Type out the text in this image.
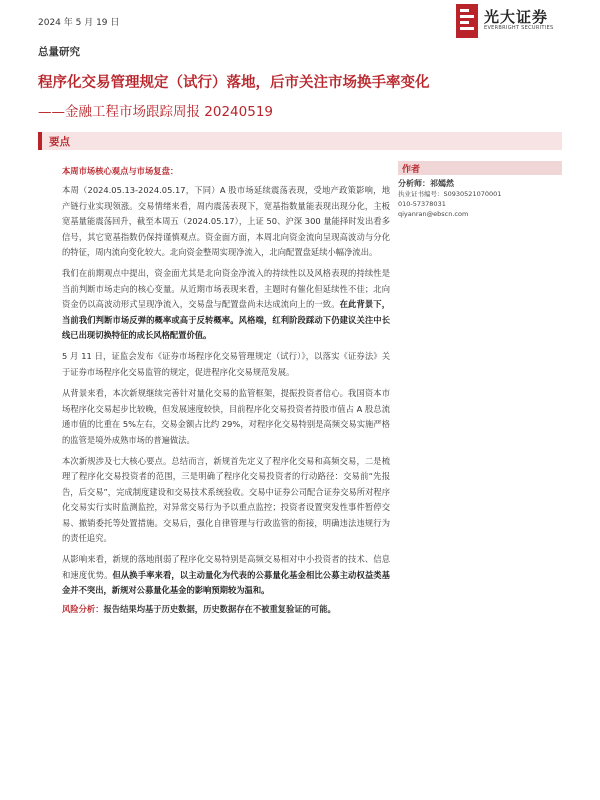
2024 年 5 月 19 日	光大证券
EVERBRIGHT SECURITIES
总量研究
程序化交易管理规定（试行）落地，后市关注市场换手率变化
——金融工程市场跟踪周报 20240519
要点

本周市场核心观点与市场复盘：

本周（2024.05.13-2024.05.17，下同）A 股市场延续震荡表现，受地产政策影响，地产链行业实现领涨。交易情绪来看，周内震荡表现下，宽基指数量能表现出现分化，主板宽基量能震荡回升，截至本周五（2024.05.17），上证 50、沪深 300 量能择时发出看多信号，其它宽基指数仍保持谨慎观点。资金面方面，本周北向资金流向呈现高波动与分化的特征，周内流向变化较大。北向资金整周实现净流入，北向配置盘延续小幅净流出。

我们在前期观点中提出，资金面尤其是北向资金净流入的持续性以及风格表现的持续性是当前判断市场走向的核心变量。从近期市场表现来看，主题时有催化但延续性不佳；北向资金仍以高波动形式呈现净流入，交易盘与配置盘尚未达成流向上的一致。在此背景下，当前我们判断市场反弹的概率或高于反转概率。风格端，红利阶段踩动下仍建议关注中长线已出现切换特征的成长风格配置价值。

5 月 11 日，证监会发布《证券市场程序化交易管理规定（试行）》，以落实《证券法》关于证券市场程序化交易监管的规定，促进程序化交易规范发展。

从背景来看，本次新规继续完善针对量化交易的监管框架，提振投资者信心。我国资本市场程序化交易起步比较晚，但发展速度较快，目前程序化交易投资者持股市值占 A 股总流通市值的比重在 5%左右，交易金额占比约 29%，对程序化交易特别是高频交易实施严格的监管是境外成熟市场的普遍做法。

本次新规涉及七大核心要点。总结而言，新规首先定义了程序化交易和高频交易，二是梳理了程序化交易投资者的范围，三是明确了程序化交易投资者的行动路径：交易前“先报告，后交易”，完成制度建设和交易技术系统验收。交易中证券公司配合证券交易所对程序化交易实行实时监测监控，对异常交易行为予以重点监控；投资者设置突发性事件暂停交易、撤销委托等处置措施。交易后，强化自律管理与行政监管的衔接，明确违法违规行为的责任追究。

从影响来看，新规的落地削弱了程序化交易特别是高频交易相对中小投资者的技术、信息和速度优势。但从换手率来看，以主动量化为代表的公募量化基金相比公募主动权益类基金并不突出，新规对公募量化基金的影响预期较为温和。

风险分析：报告结果均基于历史数据，历史数据存在不被重复验证的可能。
作者
分析师：祁嫣然
执业证书编号：S0930521070001
010-57378031
qiyanran@ebscn.com
